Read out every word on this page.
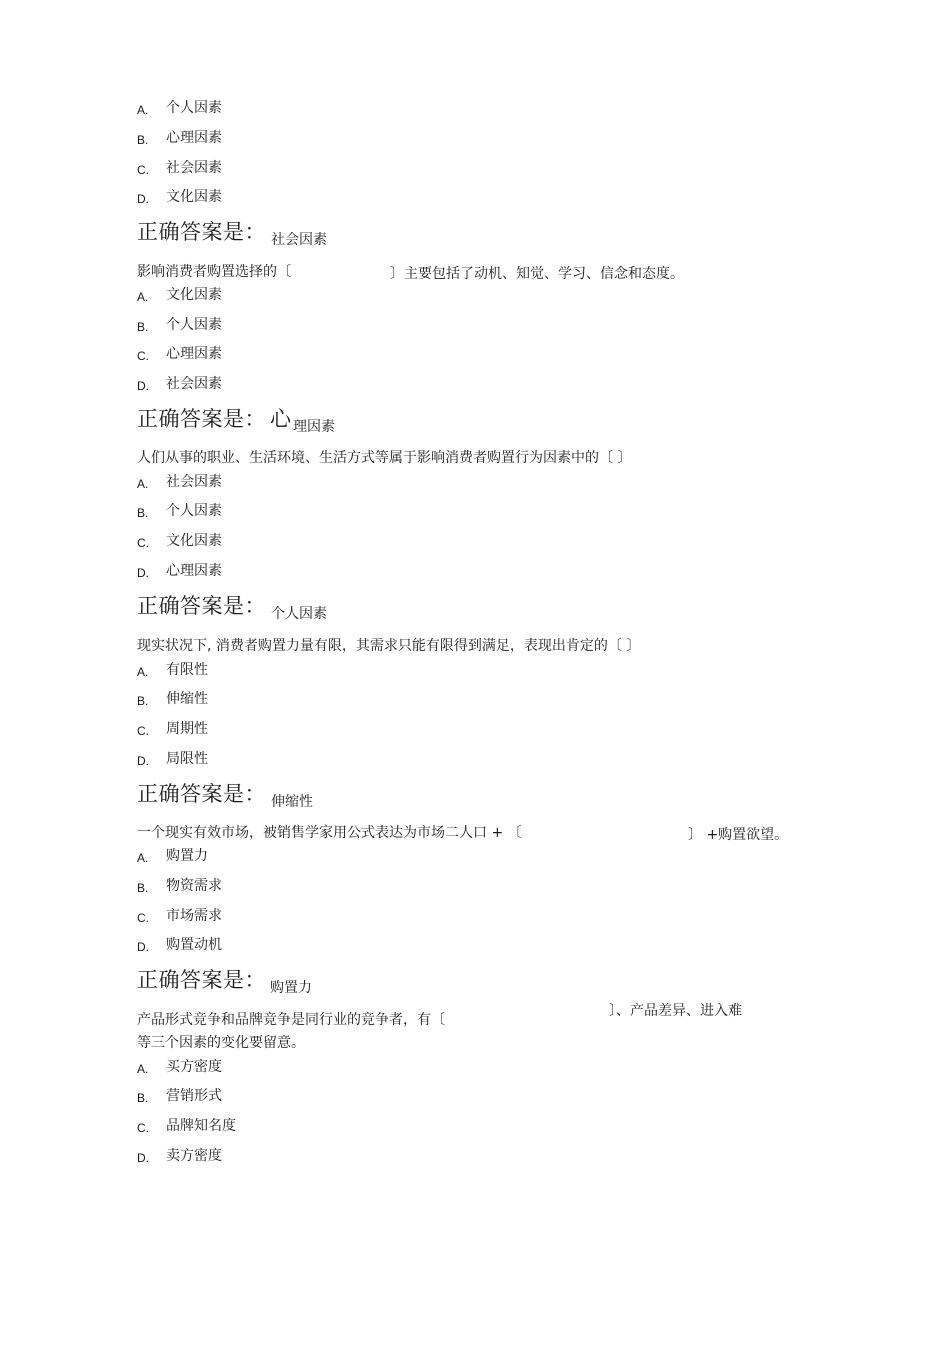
A. 个人因素
B. 心理因素
C. 社会因素
D. 文化因素
正确答案是： 社会因素
影响消费者购置选择的〔	〕主要包括了动机、知觉、学习、信念和态度。
A. 文化因素
B. 个人因素
C. 心理因素
D. 社会因素
正确答案是： 心 理因素
人们从事的职业、生活环境、生活方式等属于影响消费者购置行为因素中的〔 〕
A. 社会因素
B. 个人因素
C. 文化因素
D. 心理因素
正确答案是： 个人因素
现实状况下, 消费者购置力量有限，其需求只能有限得到满足，表现出肯定的〔 〕
A. 有限性
B. 伸缩性
C. 周期性
D. 局限性
正确答案是： 伸缩性
一个现实有效市场，被销售学家用公式表达为市场二人口 + 〔	〕 +购置欲望。
A. 购置力
B. 物资需求
C. 市场需求
D. 购置动机
正确答案是： 购置力
〕、产品差异、进入难
产品形式竞争和品牌竞争是同行业的竞争者，有〔
等三个因素的变化要留意。
A. 买方密度
B. 营销形式
C. 品牌知名度
D. 卖方密度
